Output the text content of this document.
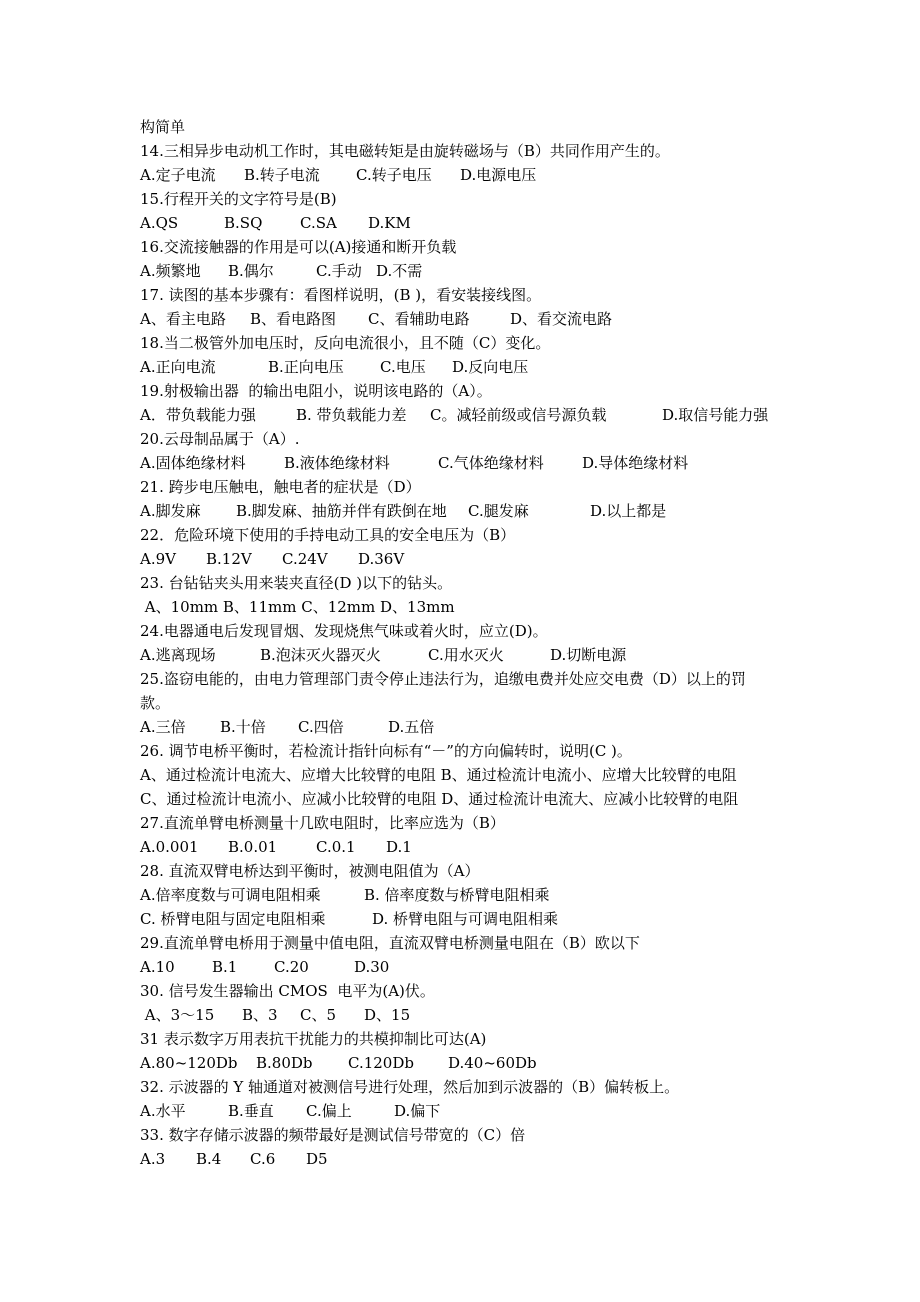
构简单
14.三相异步电动机工作时，其电磁转矩是由旋转磁场与（B）共同作用产生的。
A.定子电流 B.转子电流 C.转子电压 D.电源电压
15.行程开关的文字符号是(B)
A.QS	B.SQ	C.SA D.KM
16.交流接触器的作用是可以(A)接通和断开负载
A.频繁地 B.偶尔	C.手动 D.不需
17. 读图的基本步骤有：看图样说明，(B )，看安装接线图。
A、看主电路 B、看电路图 C、看辅助电路	D、看交流电路
18.当二极管外加电压时，反向电流很小，且不随（C）变化。
A.正向电流	B.正向电压 C.电压 D.反向电压
19.射极输出器  的输出电阻小，说明该电路的（A）。
A．带负载能力强	B. 带负载能力差 C。减轻前级或信号源负载	D.取信号能力强
20.云母制品属于（A）.
A.固体绝缘材料	B.液体绝缘材料	C.气体绝缘材料	D.导体绝缘材料
21. 跨步电压触电，触电者的症状是（D）
A.脚发麻 B.脚发麻、抽筋并伴有跌倒在地 C.腿发麻	D.以上都是
22．危险环境下使用的手持电动工具的安全电压为（B）
A.9V B.12V C.24V D.36V
23. 台钻钻夹头用来装夹直径(D )以下的钻头。
A、10mm B、11mm C、12mm D、13mm
24.电器通电后发现冒烟、发现烧焦气味或着火时，应立(D)。
A.逃离现场	B.泡沫灭火器灭火	C.用水灭火	D.切断电源
25.盗窃电能的，由电力管理部门责令停止违法行为，追缴电费并处应交电费（D）以上的罚
款。
A.三倍 B.十倍 C.四倍	D.五倍
26. 调节电桥平衡时，若检流计指针向标有“－”的方向偏转时，说明(C )。
A、通过检流计电流大、应增大比较臂的电阻 B、通过检流计电流小、应增大比较臂的电阻
C、通过检流计电流小、应减小比较臂的电阻 D、通过检流计电流大、应减小比较臂的电阻
27.直流单臂电桥测量十几欧电阻时，比率应选为（B）
A.0.001 B.0.01	C.0.1 D.1
28. 直流双臂电桥达到平衡时，被测电阻值为（A）
A.倍率度数与可调电阻相乘	B. 倍率度数与桥臂电阻相乘
C. 桥臂电阻与固定电阻相乘	D. 桥臂电阻与可调电阻相乘
29.直流单臂电桥用于测量中值电阻，直流双臂电桥测量电阻在（B）欧以下
A.10 B.1 C.20	D.30
30. 信号发生器输出 CMOS  电平为(A)伏。
A、3～15 B、3 C、5 D、15
31 表示数字万用表抗干扰能力的共模抑制比可达(A)
A.80~120Db B.80Db C.120Db D.40~60Db
32. 示波器的 Y 轴通道对被测信号进行处理，然后加到示波器的（B）偏转板上。
A.水平	B.垂直 C.偏上	D.偏下
33. 数字存储示波器的频带最好是测试信号带宽的（C）倍
A.3 B.4 C.6 D5
